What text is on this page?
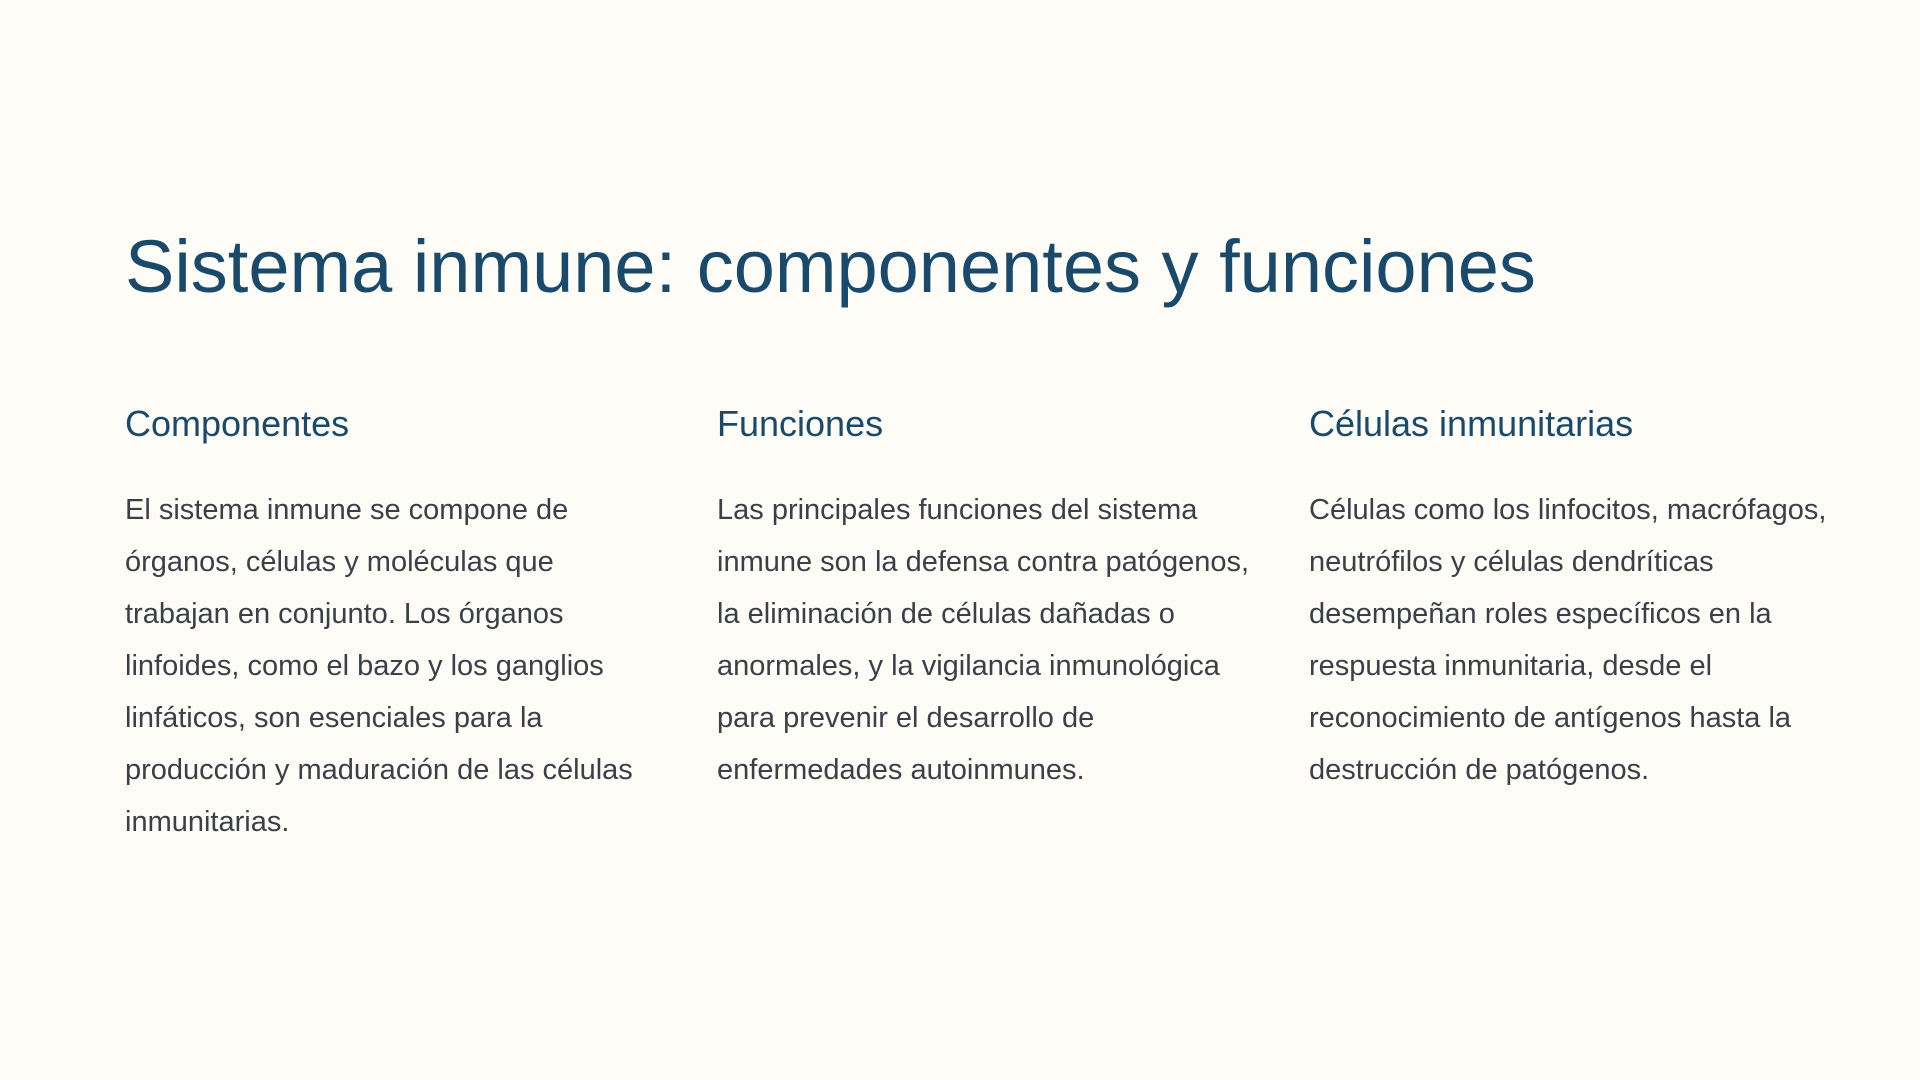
Sistema inmune: componentes y funciones
Componentes

El sistema inmune se compone de órganos, células y moléculas que trabajan en conjunto. Los órganos linfoides, como el bazo y los ganglios linfáticos, son esenciales para la producción y maduración de las células inmunitarias.

Funciones

Las principales funciones del sistema inmune son la defensa contra patógenos, la eliminación de células dañadas o anormales, y la vigilancia inmunológica para prevenir el desarrollo de enfermedades autoinmunes.

Células inmunitarias

Células como los linfocitos, macrófagos, neutrófilos y células dendríticas desempeñan roles específicos en la respuesta inmunitaria, desde el reconocimiento de antígenos hasta la destrucción de patógenos.
